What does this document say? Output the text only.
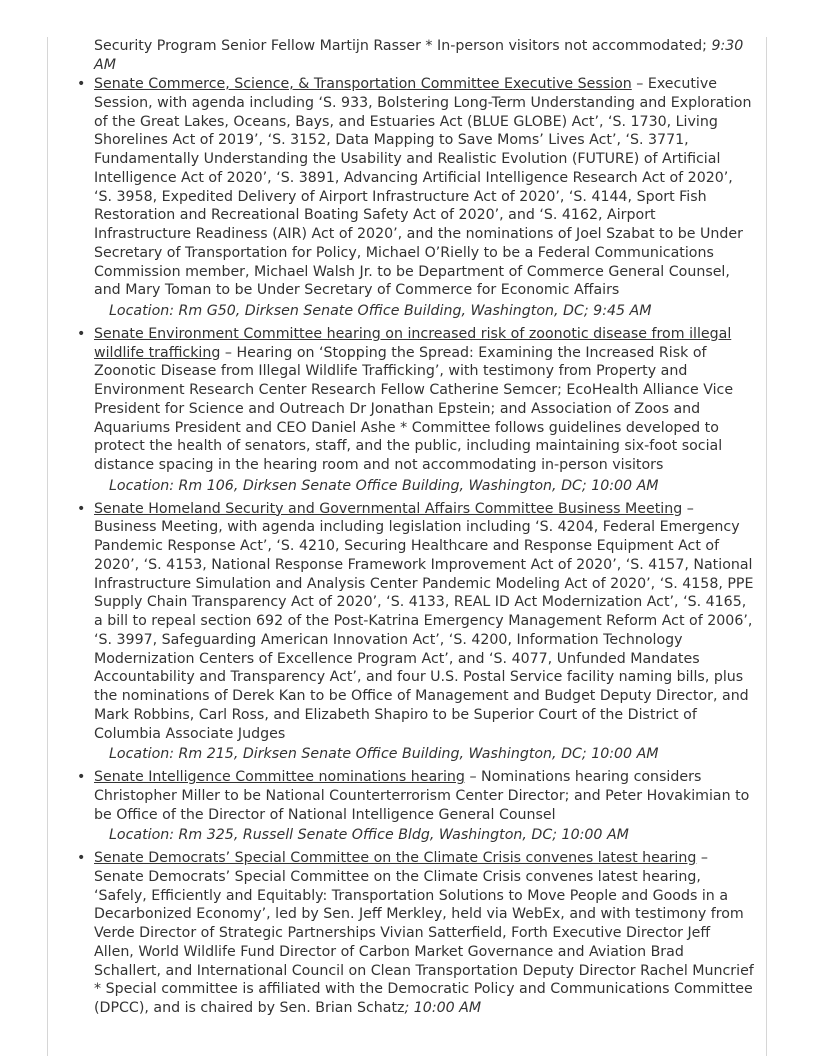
Security Program Senior Fellow Martijn Rasser * In-person visitors not accommodated; 9:30 AM
• Senate Commerce, Science, & Transportation Committee Executive Session – Executive Session, with agenda including ‘S. 933, Bolstering Long-Term Understanding and Exploration of the Great Lakes, Oceans, Bays, and Estuaries Act (BLUE GLOBE) Act’, ‘S. 1730, Living Shorelines Act of 2019’, ‘S. 3152, Data Mapping to Save Moms’ Lives Act’, ‘S. 3771, Fundamentally Understanding the Usability and Realistic Evolution (FUTURE) of Artificial Intelligence Act of 2020’, ‘S. 3891, Advancing Artificial Intelligence Research Act of 2020’, ‘S. 3958, Expedited Delivery of Airport Infrastructure Act of 2020’, ‘S. 4144, Sport Fish Restoration and Recreational Boating Safety Act of 2020’, and ‘S. 4162, Airport Infrastructure Readiness (AIR) Act of 2020’, and the nominations of Joel Szabat to be Under Secretary of Transportation for Policy, Michael O’Rielly to be a Federal Communications Commission member, Michael Walsh Jr. to be Department of Commerce General Counsel, and Mary Toman to be Under Secretary of Commerce for Economic Affairs
Location: Rm G50, Dirksen Senate Office Building, Washington, DC; 9:45 AM
• Senate Environment Committee hearing on increased risk of zoonotic disease from illegal wildlife trafficking – Hearing on ‘Stopping the Spread: Examining the Increased Risk of Zoonotic Disease from Illegal Wildlife Trafficking’, with testimony from Property and Environment Research Center Research Fellow Catherine Semcer; EcoHealth Alliance Vice President for Science and Outreach Dr Jonathan Epstein; and Association of Zoos and Aquariums President and CEO Daniel Ashe * Committee follows guidelines developed to protect the health of senators, staff, and the public, including maintaining six-foot social distance spacing in the hearing room and not accommodating in-person visitors
Location: Rm 106, Dirksen Senate Office Building, Washington, DC; 10:00 AM
• Senate Homeland Security and Governmental Affairs Committee Business Meeting – Business Meeting, with agenda including legislation including ‘S. 4204, Federal Emergency Pandemic Response Act’, ‘S. 4210, Securing Healthcare and Response Equipment Act of 2020’, ‘S. 4153, National Response Framework Improvement Act of 2020’, ‘S. 4157, National Infrastructure Simulation and Analysis Center Pandemic Modeling Act of 2020’, ‘S. 4158, PPE Supply Chain Transparency Act of 2020’, ‘S. 4133, REAL ID Act Modernization Act’, ‘S. 4165, a bill to repeal section 692 of the Post-Katrina Emergency Management Reform Act of 2006’, ‘S. 3997, Safeguarding American Innovation Act’, ‘S. 4200, Information Technology Modernization Centers of Excellence Program Act’, and ‘S. 4077, Unfunded Mandates Accountability and Transparency Act’, and four U.S. Postal Service facility naming bills, plus the nominations of Derek Kan to be Office of Management and Budget Deputy Director, and Mark Robbins, Carl Ross, and Elizabeth Shapiro to be Superior Court of the District of Columbia Associate Judges
Location: Rm 215, Dirksen Senate Office Building, Washington, DC; 10:00 AM
• Senate Intelligence Committee nominations hearing – Nominations hearing considers Christopher Miller to be National Counterterrorism Center Director; and Peter Hovakimian to be Office of the Director of National Intelligence General Counsel
Location: Rm 325, Russell Senate Office Bldg, Washington, DC; 10:00 AM
• Senate Democrats’ Special Committee on the Climate Crisis convenes latest hearing – Senate Democrats’ Special Committee on the Climate Crisis convenes latest hearing, ‘Safely, Efficiently and Equitably: Transportation Solutions to Move People and Goods in a Decarbonized Economy’, led by Sen. Jeff Merkley, held via WebEx, and with testimony from Verde Director of Strategic Partnerships Vivian Satterfield, Forth Executive Director Jeff Allen, World Wildlife Fund Director of Carbon Market Governance and Aviation Brad Schallert, and International Council on Clean Transportation Deputy Director Rachel Muncrief * Special committee is affiliated with the Democratic Policy and Communications Committee (DPCC), and is chaired by Sen. Brian Schatz; 10:00 AM
